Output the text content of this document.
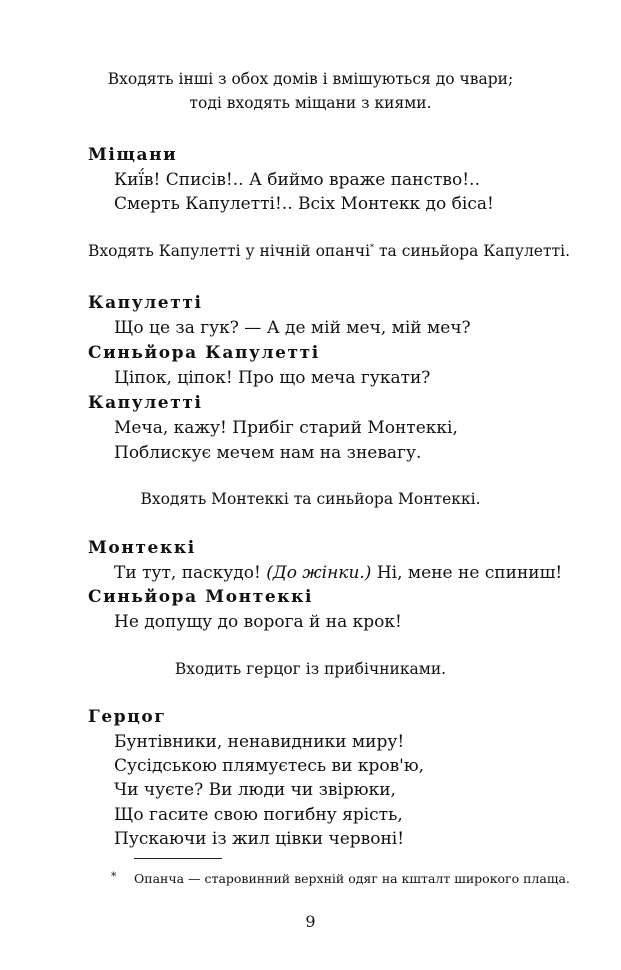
Входять інші з обох домів і вмішуються до чвари;
тоді входять міщани з киями.
Міщани
Киї́в! Списів!.. А биймо враже панство!..
Смерть Капулетті!.. Всіх Монтекк до біса!
Входять Капулетті у нічній опанчі* та синьйора Капулетті.
Капулетті
Що це за гук? — А де мій меч, мій меч?
Синьйора Капулетті
Ціпок, ціпок! Про що меча гукати?
Капулетті
Меча, кажу! Прибіг старий Монтеккі,
Поблискує мечем нам на зневагу.
Входять Монтеккі та синьйора Монтеккі.
Монтеккі
Ти тут, паскудо! (До жінки.) Ні, мене не спиниш!
Синьйора Монтеккі
Не допущу до ворога й на крок!
Входить герцог із прибічниками.
Герцог
Бунтівники, ненавидники миру!
Сусідською плямуєтесь ви кров'ю,
Чи чуєте? Ви люди чи звірюки,
Що гасите свою погибну ярість,
Пускаючи із жил цівки червоні!
* Опанча — старовинний верхній одяг на кшталт широкого плаща.
9
